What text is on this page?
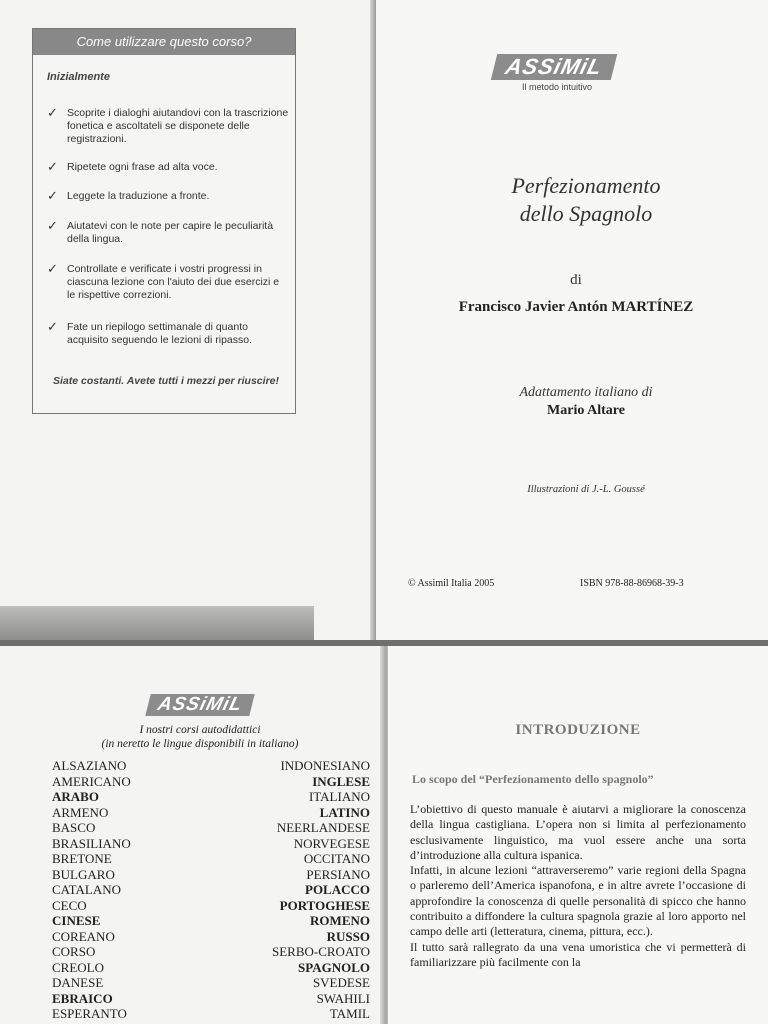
Come utilizzare questo corso?
Inizialmente
✓ Scoprite i dialoghi aiutandovi con la trascrizione fonetica e ascoltateli se disponete delle registrazioni.
✓ Ripetete ogni frase ad alta voce.
✓ Leggete la traduzione a fronte.
✓ Aiutatevi con le note per capire le peculiarità della lingua.
✓ Controllate e verificate i vostri progressi in ciascuna lezione con l'aiuto dei due esercizi e le rispettive correzioni.
✓ Fate un riepilogo settimanale di quanto acquisito seguendo le lezioni di ripasso.
Siate costanti. Avete tutti i mezzi per riuscire!
ASSiMiL
Il metodo intuitivo
Perfezionamento
dello Spagnolo
di
Francisco Javier Antón MARTÍNEZ
Adattamento italiano di
Mario Altare
Illustrazioni di J.-L. Goussé
© Assimil Italia 2005	ISBN 978-88-86968-39-3
ASSiMiL
I nostri corsi autodidattici
(in neretto le lingue disponibili in italiano)
ALSAZIANO
AMERICANO
ARABO
ARMENO
BASCO
BRASILIANO
BRETONE
BULGARO
CATALANO
CECO
CINESE
COREANO
CORSO
CREOLO
DANESE
EBRAICO
ESPERANTO
INDONESIANO
INGLESE
ITALIANO
LATINO
NEERLANDESE
NORVEGESE
OCCITANO
PERSIANO
POLACCO
PORTOGHESE
ROMENO
RUSSO
SERBO-CROATO
SPAGNOLO
SVEDESE
SWAHILI
TAMIL
INTRODUZIONE
Lo scopo del “Perfezionamento dello spagnolo”

L’obiettivo di questo manuale è aiutarvi a migliorare la conoscenza della lingua castigliana. L’opera non si limita al perfezionamento esclusivamente linguistico, ma vuol essere anche una sorta d’introduzione alla cultura ispanica.

Infatti, in alcune lezioni “attraverseremo” varie regioni della Spagna o parleremo dell’America ispanofona, e in altre avrete l’occasione di approfondire la conoscenza di quelle personalità di spicco che hanno contribuito a diffondere la cultura spagnola grazie al loro apporto nel campo delle arti (letteratura, cinema, pittura, ecc.).

Il tutto sarà rallegrato da una vena umoristica che vi permetterà di familiarizzare più facilmente con la
